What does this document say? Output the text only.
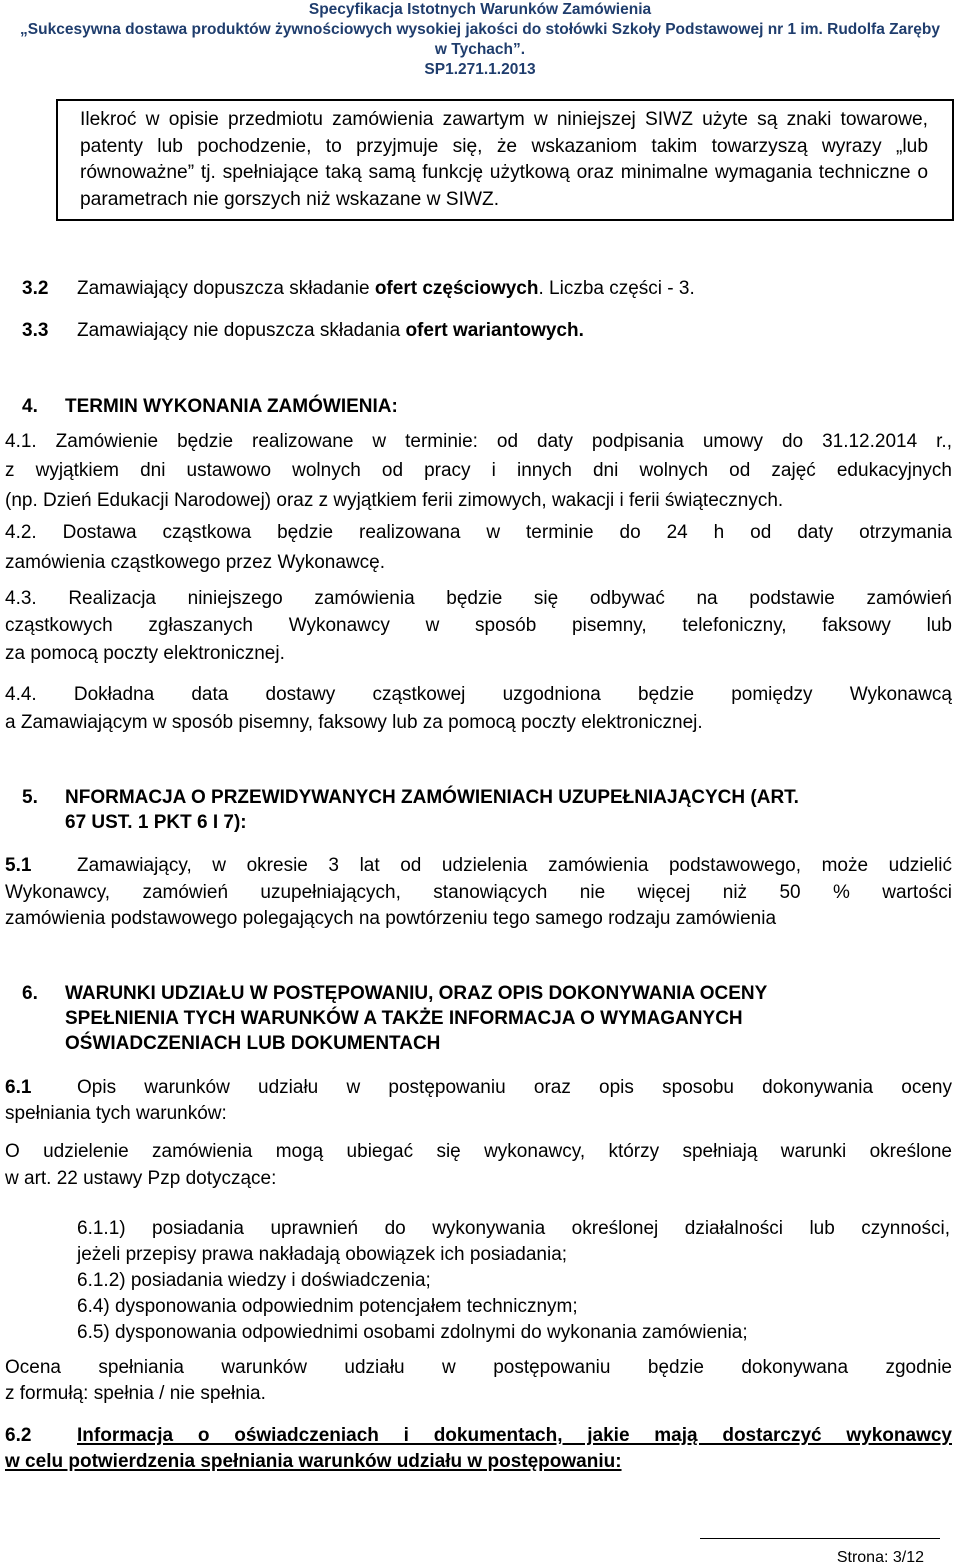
Specyfikacja Istotnych Warunków Zamówienia
„Sukcesywna dostawa produktów żywnościowych wysokiej jakości do stołówki Szkoły Podstawowej nr 1 im. Rudolfa Zaręby
w Tychach”.
SP1.271.1.2013
Ilekroć w opisie przedmiotu zamówienia zawartym w niniejszej SIWZ użyte są znaki towarowe, patenty lub pochodzenie, to przyjmuje się, że wskazaniom takim towarzyszą wyrazy „lub równoważne” tj. spełniające taką samą funkcję użytkową oraz minimalne wymagania techniczne o parametrach nie gorszych niż wskazane w SIWZ.
3.2 Zamawiający dopuszcza składanie ofert częściowych. Liczba części - 3.
3.3 Zamawiający nie dopuszcza składania ofert wariantowych.
4. TERMIN WYKONANIA ZAMÓWIENIA:
4.1. Zamówienie będzie realizowane w terminie: od daty podpisania umowy do 31.12.2014 r.,
z wyjątkiem dni ustawowo wolnych od pracy i innych dni wolnych od zajęć edukacyjnych
(np. Dzień Edukacji Narodowej) oraz z wyjątkiem ferii zimowych, wakacji i ferii świątecznych.
4.2. Dostawa cząstkowa będzie realizowana w terminie do 24 h od daty otrzymania
zamówienia cząstkowego przez Wykonawcę.
4.3. Realizacja niniejszego zamówienia będzie się odbywać na podstawie zamówień
cząstkowych zgłaszanych Wykonawcy w sposób pisemny, telefoniczny, faksowy lub
za pomocą poczty elektronicznej.
4.4. Dokładna data dostawy cząstkowej uzgodniona będzie pomiędzy Wykonawcą
a Zamawiającym w sposób pisemny, faksowy lub za pomocą poczty elektronicznej.
5. NFORMACJA O PRZEWIDYWANYCH ZAMÓWIENIACH UZUPEŁNIAJĄCYCH (ART.
67 UST. 1 PKT 6 I 7):
5.1 Zamawiający, w okresie 3 lat od udzielenia zamówienia podstawowego, może udzielić
Wykonawcy, zamówień uzupełniających, stanowiących nie więcej niż 50 % wartości
zamówienia podstawowego polegających na powtórzeniu tego samego rodzaju zamówienia
6. WARUNKI UDZIAŁU W POSTĘPOWANIU, ORAZ OPIS DOKONYWANIA OCENY
SPEŁNIENIA TYCH WARUNKÓW A TAKŻE INFORMACJA O WYMAGANYCH
OŚWIADCZENIACH LUB DOKUMENTACH
6.1 Opis warunków udziału w postępowaniu oraz opis sposobu dokonywania oceny
spełniania tych warunków:
O udzielenie zamówienia mogą ubiegać się wykonawcy, którzy spełniają warunki określone
w art. 22 ustawy Pzp dotyczące:
6.1.1) posiadania uprawnień do wykonywania określonej działalności lub czynności,
jeżeli przepisy prawa nakładają obowiązek ich posiadania;
6.1.2) posiadania wiedzy i doświadczenia;
6.4) dysponowania odpowiednim potencjałem technicznym;
6.5) dysponowania odpowiednimi osobami zdolnymi do wykonania zamówienia;
Ocena spełniania warunków udziału w postępowaniu będzie dokonywana zgodnie
z formułą: spełnia / nie spełnia.
6.2 Informacja o oświadczeniach i dokumentach, jakie mają dostarczyć wykonawcy
w celu potwierdzenia spełniania warunków udziału w postępowaniu:
Strona: 3/12
